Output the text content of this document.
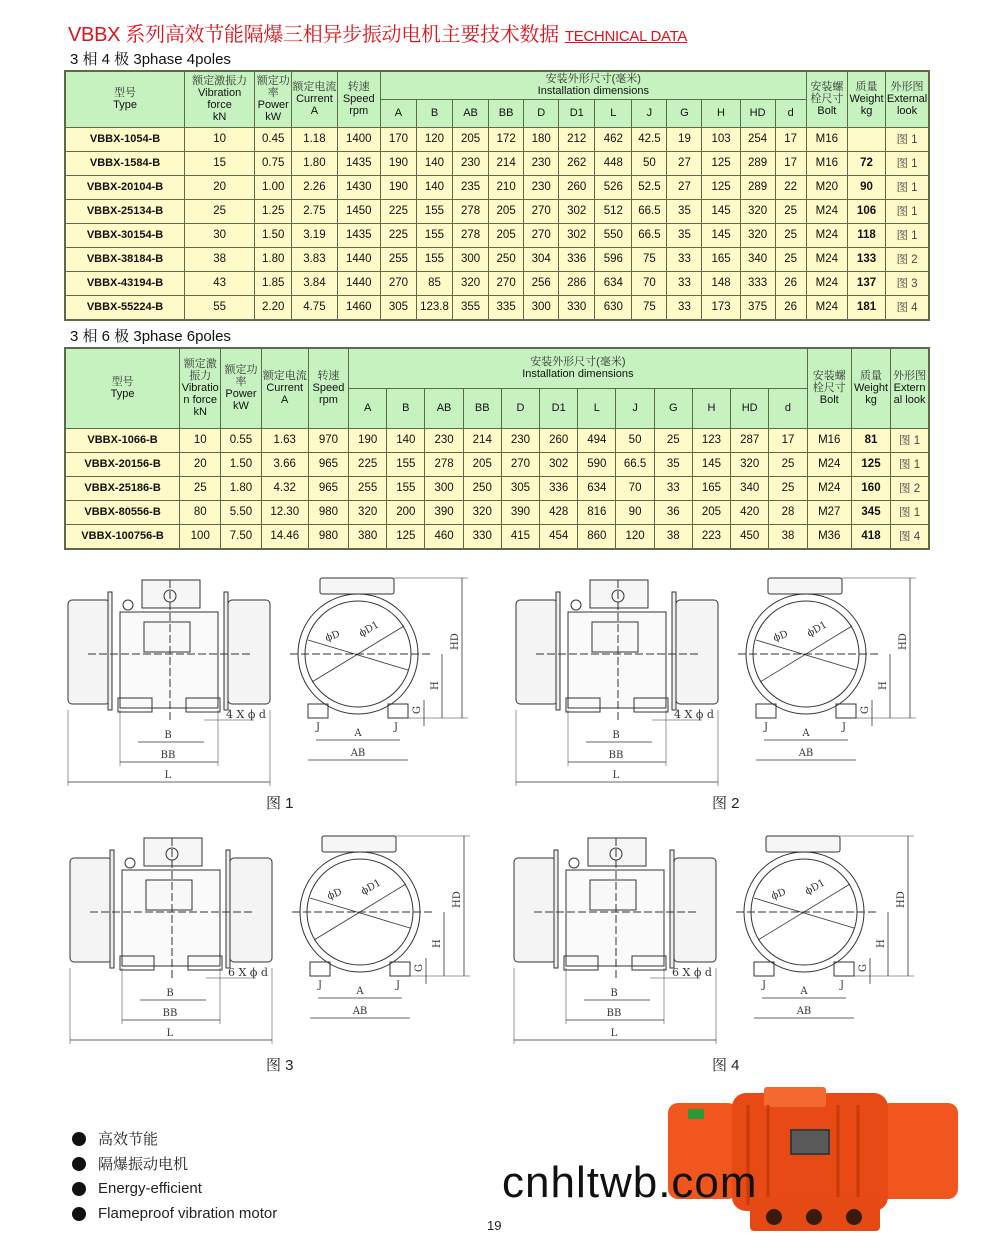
VBBX 系列高效节能隔爆三相异步振动电机主要技术数据 TECHNICAL DATA
3 相 4 极 3phase 4poles
型号
Type	额定激振力
Vibration force
kN	额定功率
Power
kW	额定电流
Current
A	转速
Speed
rpm	安装外形尺寸(毫米)
Installation dimensions												安装螺栓尺寸
Bolt	质量
Weight
kg	外形图
External look
					A	B	AB	BB	D	D1	L	J	G	H	HD	d			
VBBX-1054-B	10	0.45	1.18	1400	170	120	205	172	180	212	462	42.5	19	103	254	17	M16		图 1
VBBX-1584-B	15	0.75	1.80	1435	190	140	230	214	230	262	448	50	27	125	289	17	M16	72	图 1
VBBX-20104-B	20	1.00	2.26	1430	190	140	235	210	230	260	526	52.5	27	125	289	22	M20	90	图 1
VBBX-25134-B	25	1.25	2.75	1450	225	155	278	205	270	302	512	66.5	35	145	320	25	M24	106	图 1
VBBX-30154-B	30	1.50	3.19	1435	225	155	278	205	270	302	550	66.5	35	145	320	25	M24	118	图 1
VBBX-38184-B	38	1.80	3.83	1440	255	155	300	250	304	336	596	75	33	165	340	25	M24	133	图 2
VBBX-43194-B	43	1.85	3.84	1440	270	85	320	270	256	286	634	70	33	148	333	26	M24	137	图 3
VBBX-55224-B	55	2.20	4.75	1460	305	123.8	355	335	300	330	630	75	33	173	375	26	M24	181	图 4
3 相 6 极 3phase 6poles
型号
Type	额定激振力
Vibratio n force
kN	额定功率
Power
kW	额定电流
Current
A	转速
Speed
rpm	安装外形尺寸(毫米)
Installation dimensions												安装螺栓尺寸
Bolt	质量
Weight
kg	外形图
Extern al look
					A	B	AB	BB	D	D1	L	J	G	H	HD	d			
VBBX-1066-B	10	0.55	1.63	970	190	140	230	214	230	260	494	50	25	123	287	17	M16	81	图 1
VBBX-20156-B	20	1.50	3.66	965	225	155	278	205	270	302	590	66.5	35	145	320	25	M24	125	图 1
VBBX-25186-B	25	1.80	4.32	965	255	155	300	250	305	336	634	70	33	165	340	25	M24	160	图 2
VBBX-80556-B	80	5.50	12.30	980	320	200	390	320	390	428	816	90	36	205	420	28	M27	345	图 1
VBBX-100756-B	100	7.50	14.46	980	380	125	460	330	415	454	860	120	38	223	450	38	M36	418	图 4
B
BB
L
4 X ϕ d
ϕD ϕD1
A
AB
J	J
H
HD
G
图 1
B
BB
L
4 X ϕ d
ϕD ϕD1
A
AB
J	J
H
HD
G
图 2
B
BB
L
6 X ϕ d
ϕD ϕD1
A
AB
J	J
H
HD
G
图 3
B
BB
L
6 X ϕ d
ϕD ϕD1
A
AB
J	J
H
HD
G
图 4
高效节能
隔爆振动电机
Energy-efficient
Flameproof vibration motor
cnhltwb.com
19
